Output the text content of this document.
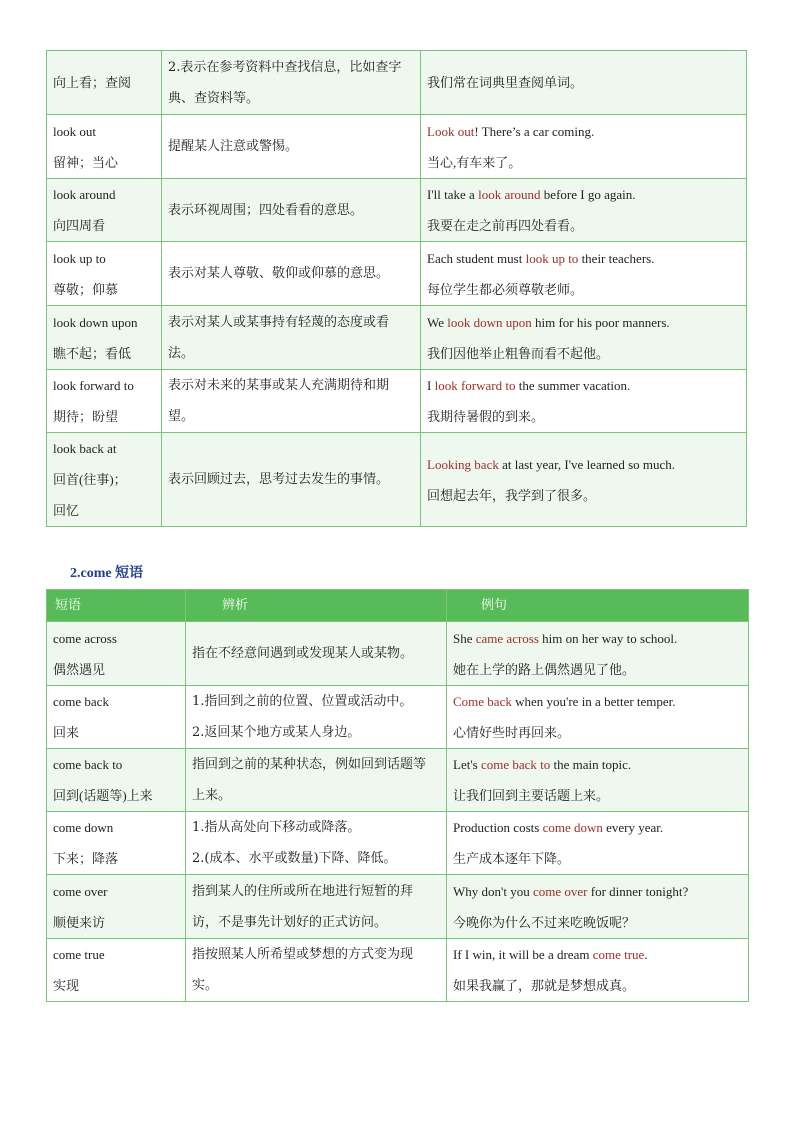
向上看；查阅	2.表示在参考资料中查找信息，比如查字
典、查资料等。	我们常在词典里查阅单词。

look out
留神；当心	提醒某人注意或警惕。	Look out! There’s a car coming.
当心,有车来了。

look around
向四周看	表示环视周围；四处看看的意思。	I'll take a look around before I go again.
我要在走之前再四处看看。

look up to
尊敬；仰慕	表示对某人尊敬、敬仰或仰慕的意思。	Each student must look up to their teachers.
每位学生都必须尊敬老师。

look down upon
瞧不起；看低	表示对某人或某事持有轻蔑的态度或看
法。	We look down upon him for his poor manners.
我们因他举止粗鲁而看不起他。

look forward to
期待；盼望	表示对未来的某事或某人充满期待和期
望。	I look forward to the summer vacation.
我期待暑假的到来。

look back at
回首(往事)；
回忆	表示回顾过去，思考过去发生的事情。	Looking back at last year, I've learned so much.
回想起去年，我学到了很多。
2.come 短语
短语	辨析	例句

come across
偶然遇见	指在不经意间遇到或发现某人或某物。	She came across him on her way to school.
她在上学的路上偶然遇见了他。

come back
回来	1.指回到之前的位置、位置或活动中。
2.返回某个地方或某人身边。	Come back when you're in a better temper.
心情好些时再回来。

come back to
回到(话题等)上来	指回到之前的某种状态，例如回到话题等
上来。	Let's come back to the main topic.
让我们回到主要话题上来。

come down
下来；降落	1.指从高处向下移动或降落。
2.(成本、水平或数量)下降、降低。	Production costs come down every year.
生产成本逐年下降。

come over
顺便来访	指到某人的住所或所在地进行短暂的拜
访，不是事先计划好的正式访问。	Why don't you come over for dinner tonight?
今晚你为什么不过来吃晚饭呢？

come true
实现	指按照某人所希望或梦想的方式变为现
实。	If I win, it will be a dream come true.
如果我赢了，那就是梦想成真。
